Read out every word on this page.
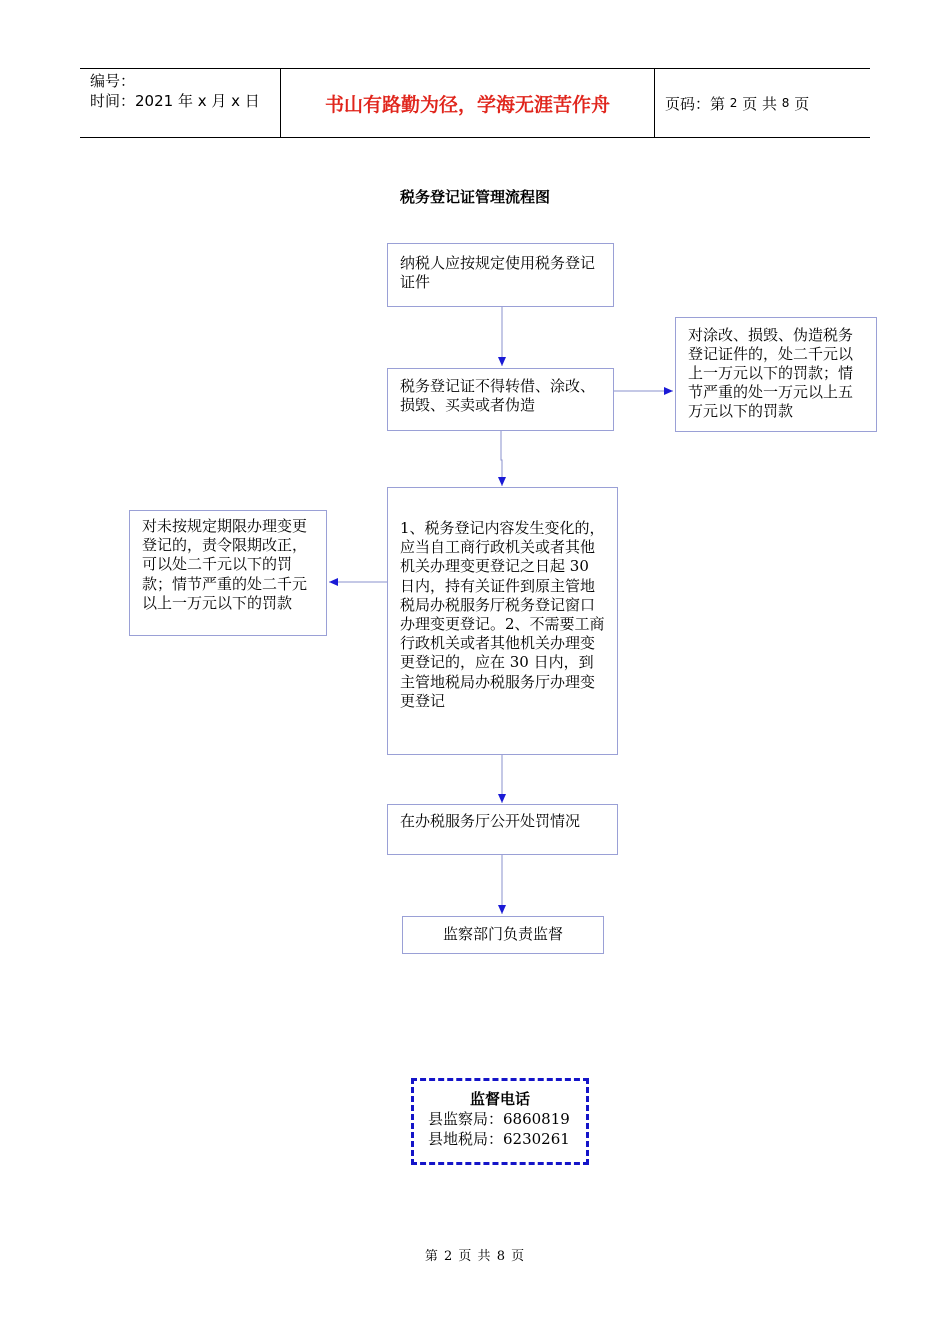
编号：
时间：2021 年 x 月 x 日	书山有路勤为径，学海无涯苦作舟	页码：第
2
页 共
8
页
税务登记证管理流程图
纳税人应按规定使用税务登记证件
税务登记证不得转借、涂改、损毁、买卖或者伪造
对涂改、损毁、伪造税务登记证件的，处二千元以上一万元以下的罚款；情节严重的处一万元以上五万元以下的罚款
1、税务登记内容发生变化的，应当自工商行政机关或者其他机关办理变更登记之日起 30 日内，持有关证件到原主管地税局办税服务厅税务登记窗口办理变更登记。2、不需要工商行政机关或者其他机关办理变更登记的，应在 30 日内，到主管地税局办税服务厅办理变更登记
对未按规定期限办理变更登记的，责令限期改正，可以处二千元以下的罚款；情节严重的处二千元以上一万元以下的罚款
在办税服务厅公开处罚情况
监察部门负责监督
监督电话
县监察局：6860819
县地税局：6230261
第 2 页 共 8 页
